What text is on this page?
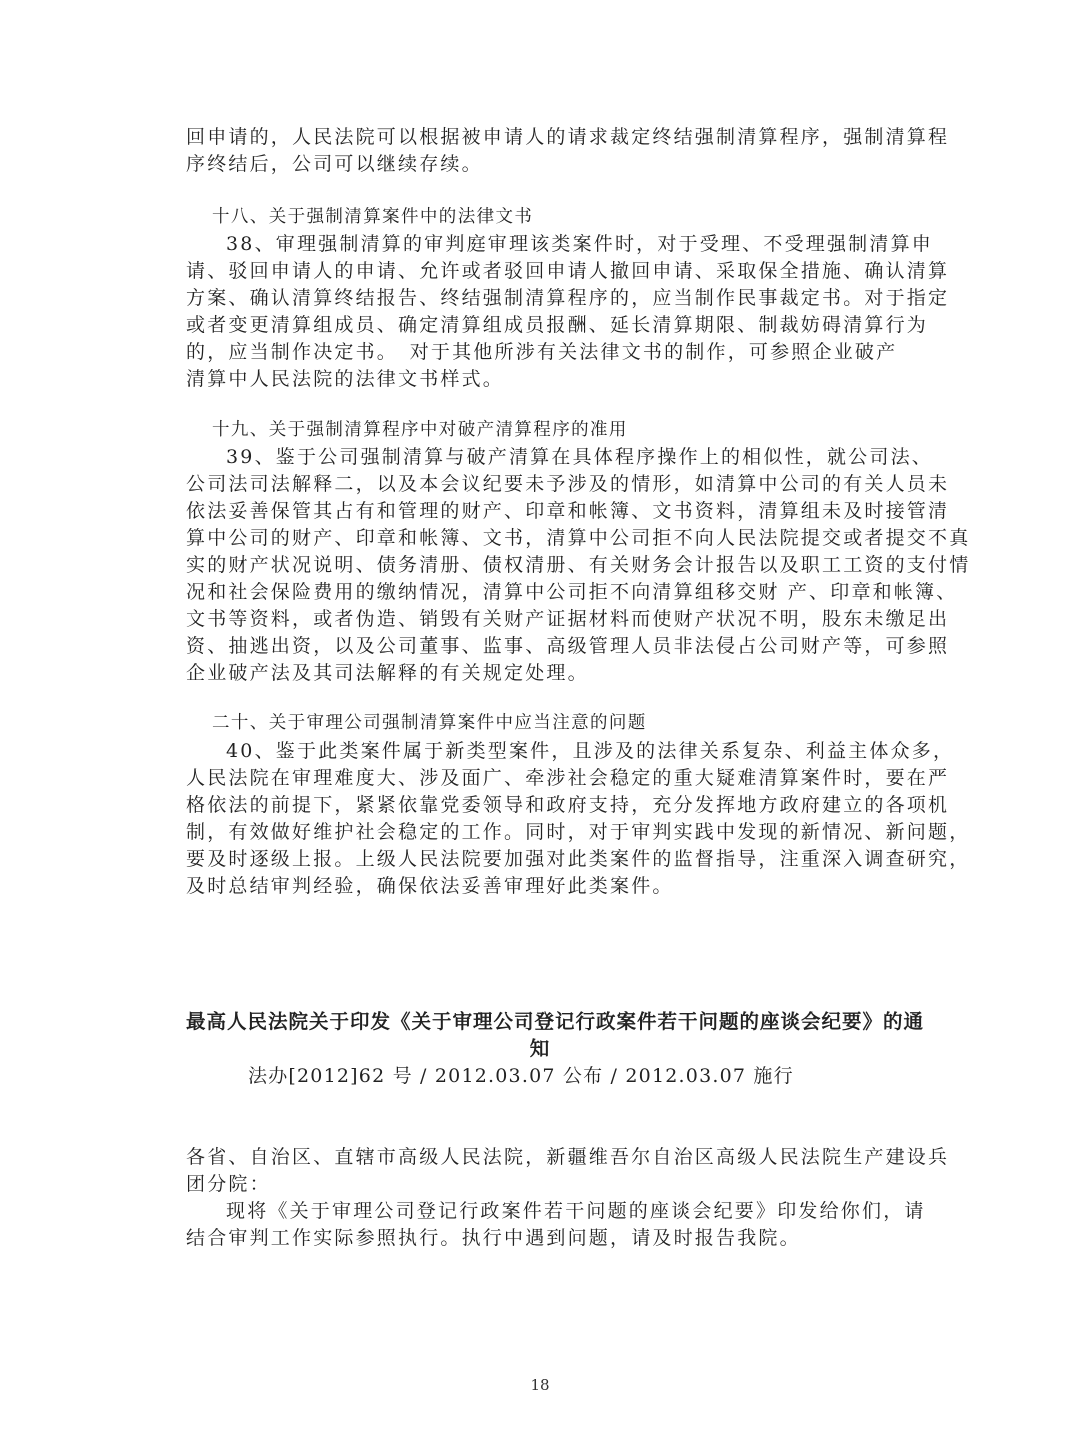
回申请的，人民法院可以根据被申请人的请求裁定终结强制清算程序，强制清算程
序终结后，公司可以继续存续。
十八、关于强制清算案件中的法律文书
38、审理强制清算的审判庭审理该类案件时，对于受理、不受理强制清算申
请、驳回申请人的申请、允许或者驳回申请人撤回申请、采取保全措施、确认清算
方案、确认清算终结报告、终结强制清算程序的，应当制作民事裁定书。对于指定
或者变更清算组成员、确定清算组成员报酬、延长清算期限、制裁妨碍清算行为
的，应当制作决定书。　对于其他所涉有关法律文书的制作，可参照企业破产
清算中人民法院的法律文书样式。
十九、关于强制清算程序中对破产清算程序的准用
39、鉴于公司强制清算与破产清算在具体程序操作上的相似性，就公司法、
公司法司法解释二，以及本会议纪要未予涉及的情形，如清算中公司的有关人员未
依法妥善保管其占有和管理的财产、印章和帐簿、文书资料，清算组未及时接管清
算中公司的财产、印章和帐簿、文书，清算中公司拒不向人民法院提交或者提交不真
实的财产状况说明、债务清册、债权清册、有关财务会计报告以及职工工资的支付情
况和社会保险费用的缴纳情况，清算中公司拒不向清算组移交财 产、印章和帐簿、
文书等资料，或者伪造、销毁有关财产证据材料而使财产状况不明，股东未缴足出
资、抽逃出资，以及公司董事、监事、高级管理人员非法侵占公司财产等，可参照
企业破产法及其司法解释的有关规定处理。
二十、关于审理公司强制清算案件中应当注意的问题
40、鉴于此类案件属于新类型案件，且涉及的法律关系复杂、利益主体众多，
人民法院在审理难度大、涉及面广、牵涉社会稳定的重大疑难清算案件时，要在严
格依法的前提下，紧紧依靠党委领导和政府支持，充分发挥地方政府建立的各项机
制，有效做好维护社会稳定的工作。同时，对于审判实践中发现的新情况、新问题，
要及时逐级上报。上级人民法院要加强对此类案件的监督指导，注重深入调查研究，
及时总结审判经验，确保依法妥善审理好此类案件。
最高人民法院关于印发《关于审理公司登记行政案件若干问题的座谈会纪要》的通
知
法办[2012]62 号 / 2012.03.07 公布 / 2012.03.07 施行
各省、自治区、直辖市高级人民法院，新疆维吾尔自治区高级人民法院生产建设兵
团分院：
现将《关于审理公司登记行政案件若干问题的座谈会纪要》印发给你们，请
结合审判工作实际参照执行。执行中遇到问题，请及时报告我院。
18
